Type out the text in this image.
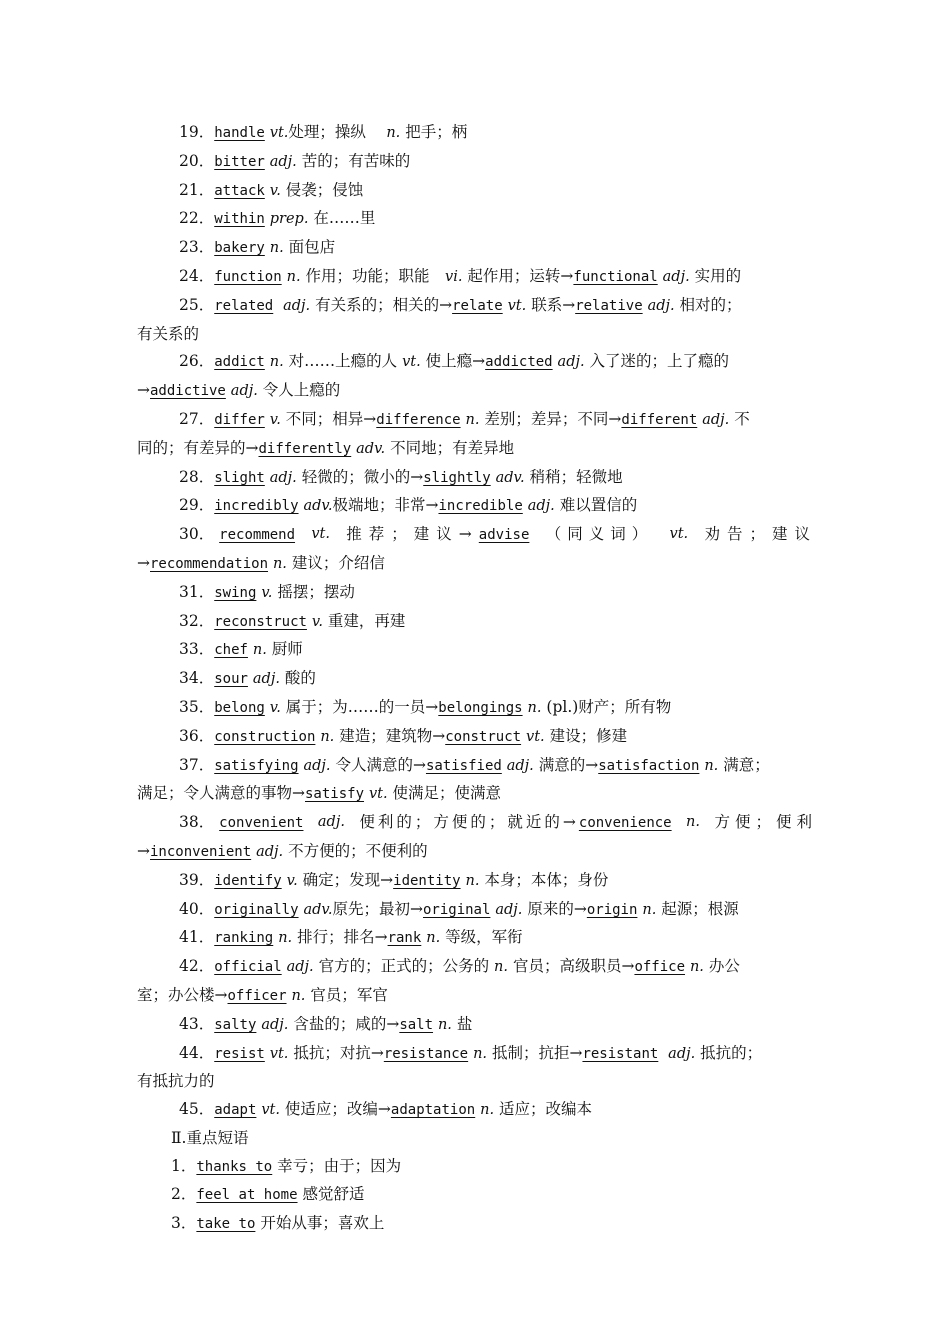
19．handle vt.处理；操纵　 n. 把手；柄
20．bitter adj. 苦的；有苦味的
21．attack v. 侵袭；侵蚀
22．within prep. 在……里
23．bakery n. 面包店
24．function n. 作用；功能；职能　vi. 起作用；运转→functional adj. 实用的
25．related adj. 有关系的；相关的→relate vt. 联系→relative adj. 相对的；
有关系的
26．addict n. 对……上瘾的人 vt. 使上瘾→addicted adj. 入了迷的；上了瘾的
→addictive adj. 令人上瘾的
27．differ v. 不同；相异→difference n. 差别；差异；不同→different adj. 不
同的；有差异的→differently adv. 不同地；有差异地
28．slight adj. 轻微的；微小的→slightly adv. 稍稍；轻微地
29．incredibly adv.极端地；非常→incredible adj. 难以置信的
30． recommend vt. 推荐；建议→advise （同义词） vt. 劝告；建议
→recommendation n. 建议；介绍信
31．swing v. 摇摆；摆动
32．reconstruct v. 重建，再建
33．chef n. 厨师
34．sour adj. 酸的
35．belong v. 属于；为……的一员→belongings n. (pl.)财产；所有物
36．construction n. 建造；建筑物→construct vt. 建设；修建
37．satisfying adj. 令人满意的→satisfied adj. 满意的→satisfaction n. 满意；
满足；令人满意的事物→satisfy vt. 使满足；使满意
38． convenient adj. 便利的；方便的；就近的→convenience n. 方便；便利
→inconvenient adj. 不方便的；不便利的
39．identify v. 确定；发现→identity n. 本身；本体；身份
40．originally adv.原先；最初→original adj. 原来的→origin n. 起源；根源
41．ranking n. 排行；排名→rank n. 等级，军衔
42．official adj. 官方的；正式的；公务的 n. 官员；高级职员→office n. 办公
室；办公楼→officer n. 官员；军官
43．salty adj. 含盐的；咸的→salt n. 盐
44．resist vt. 抵抗；对抗→resistance n. 抵制；抗拒→resistant adj. 抵抗的；
有抵抗力的
45．adapt vt. 使适应；改编→adaptation n. 适应；改编本
Ⅱ.重点短语
1．thanks to 幸亏；由于；因为
2．feel at home 感觉舒适
3．take to 开始从事；喜欢上
